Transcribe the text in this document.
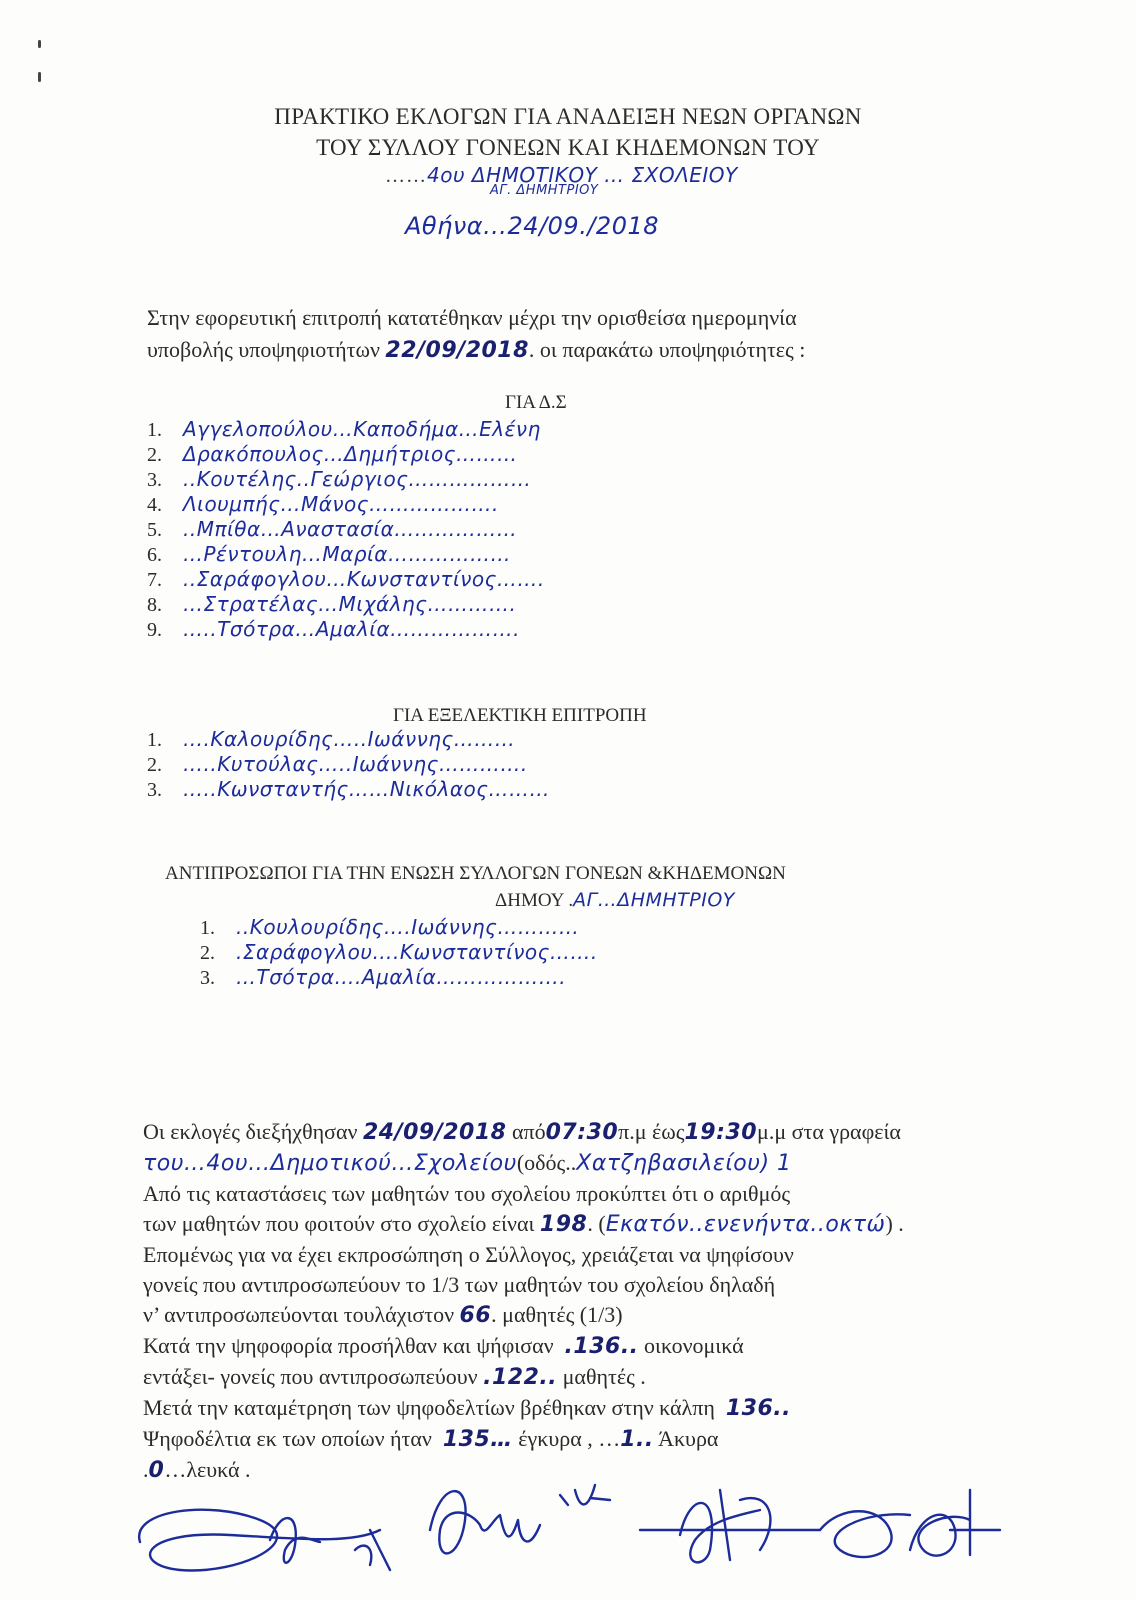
ΠΡΑΚΤΙΚΟ ΕΚΛΟΓΩΝ ΓΙΑ ΑΝΑΔΕΙΞΗ ΝΕΩΝ ΟΡΓΑΝΩΝ
ΤΟΥ ΣΥΛΛΟΥ ΓΟΝΕΩΝ ΚΑΙ ΚΗΔΕΜΟΝΩΝ ΤΟΥ
……4ου ΔΗΜΟΤΙΚΟΥ … ΣΧΟΛΕΙΟΥ
ΑΓ. ΔΗΜΗΤΡΙΟΥ
Αθήνα…24/09./2018
Στην εφορευτική επιτροπή κατατέθηκαν μέχρι την ορισθείσα ημερομηνία
υποβολής υποψηφιοτήτων 22/09/2018. οι παρακάτω υποψηφιότητες :
ΓΙΑ Δ.Σ
1. Αγγελοπούλου…Καποδήμα…Ελένη
2. Δρακόπουλος…Δημήτριος………
3. ..Κουτέλης..Γεώργιος………………
4. Λιουμπής…Μάνος……………….
5. ..Μπίθα…Αναστασία………………
6. …Ρέντουλη…Μαρία………………
7. ..Σαράφογλου…Κωνσταντίνος…….
8. …Στρατέλας…Μιχάλης………….
9. …..Τσότρα…Αμαλία……………….
ΓΙΑ ΕΞΕΛΕΚΤΙΚΗ ΕΠΙΤΡΟΠΗ
1. ….Καλουρίδης…..Ιωάννης………
2. …..Κυτούλας…..Ιωάννης………….
3. …..Κωνσταντής……Νικόλαος………
ΑΝΤΙΠΡΟΣΩΠΟΙ ΓΙΑ ΤΗΝ ΕΝΩΣΗ ΣΥΛΛΟΓΩΝ ΓΟΝΕΩΝ &ΚΗΔΕΜΟΝΩΝ
ΔΗΜΟΥ .ΑΓ…ΔΗΜΗΤΡΙΟΥ
1. ..Κουλουρίδης….Ιωάννης…………
2. .Σαράφογλου….Κωνσταντίνος…….
3. …Τσότρα….Αμαλία……………….
Οι εκλογές διεξήχθησαν 24/09/2018 από07:30π.μ έως19:30μ.μ στα γραφεία
του…4ου…Δημοτικού…Σχολείου(οδός..Χατζηβασιλείου) 1
Από τις καταστάσεις των μαθητών του σχολείου προκύπτει ότι ο αριθμός
των μαθητών που φοιτούν στο σχολείο είναι 198. (Εκατόν..ενενήντα..οκτώ) .
Επομένως για να έχει εκπροσώπηση ο Σύλλογος, χρειάζεται να ψηφίσουν
γονείς που αντιπροσωπεύουν το 1/3 των μαθητών του σχολείου δηλαδή
ν’ αντιπροσωπεύονται τουλάχιστον 66. μαθητές (1/3)
Κατά την ψηφοφορία προσήλθαν και ψήφισαν .136.. οικονομικά
εντάξει- γονείς που αντιπροσωπεύουν .122.. μαθητές .
Μετά την καταμέτρηση των ψηφοδελτίων βρέθηκαν στην κάλπη 136..
Ψηφοδέλτια εκ των οποίων ήταν 135… έγκυρα , …1.. Άκυρα
.0…λευκά .
